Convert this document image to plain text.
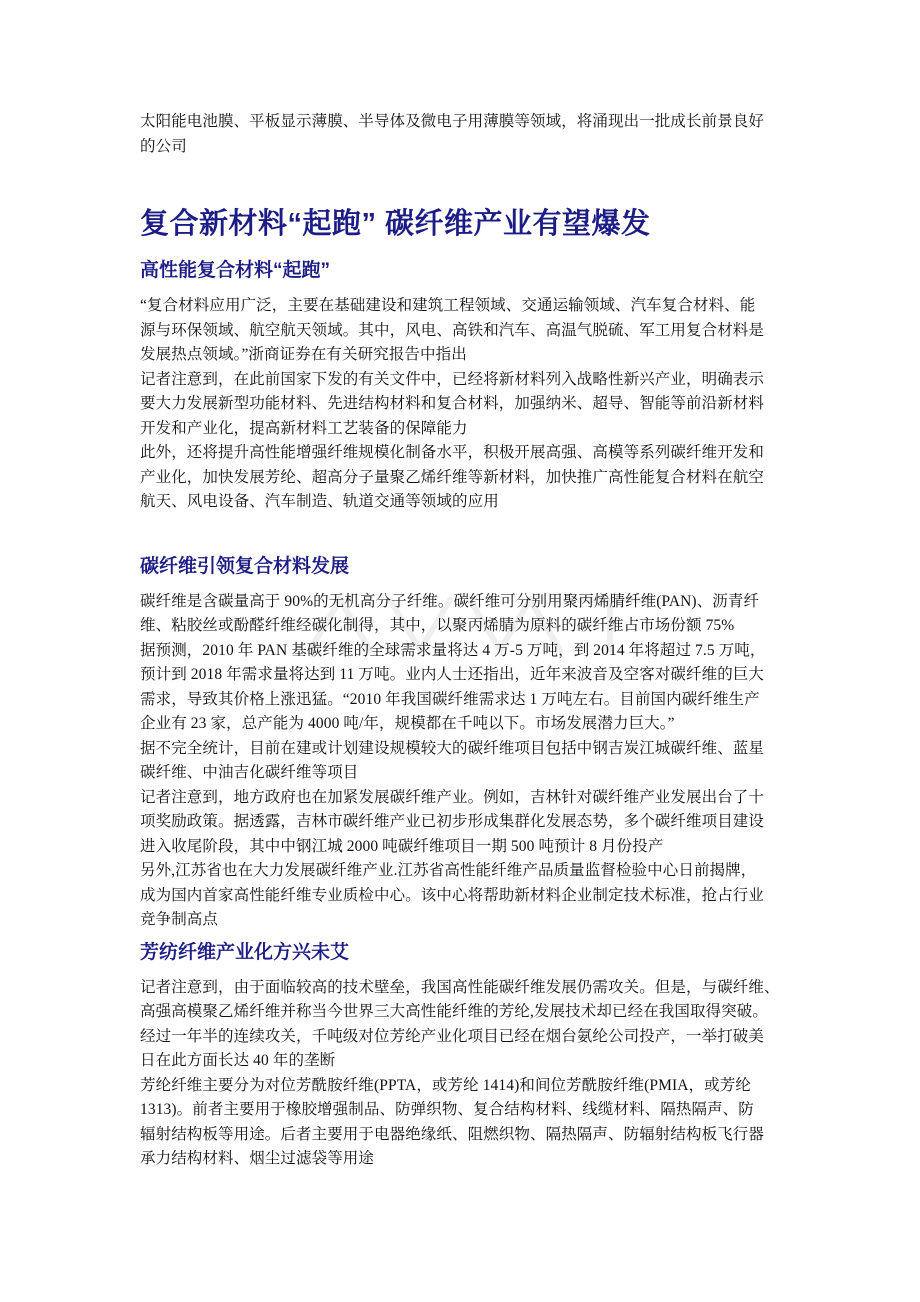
太阳能电池膜、平板显示薄膜、半导体及微电子用薄膜等领域，将涌现出一批成长前景良好
的公司
复合新材料“起跑” 碳纤维产业有望爆发
高性能复合材料“起跑”
“复合材料应用广泛，主要在基础建设和建筑工程领域、交通运输领域、汽车复合材料、能
源与环保领域、航空航天领域。其中，风电、高铁和汽车、高温气脱硫、军工用复合材料是
发展热点领域。”浙商证券在有关研究报告中指出
记者注意到，在此前国家下发的有关文件中，已经将新材料列入战略性新兴产业，明确表示
要大力发展新型功能材料、先进结构材料和复合材料，加强纳米、超导、智能等前沿新材料
开发和产业化，提高新材料工艺装备的保障能力
此外，还将提升高性能增强纤维规模化制备水平，积极开展高强、高模等系列碳纤维开发和
产业化，加快发展芳纶、超高分子量聚乙烯纤维等新材料，加快推广高性能复合材料在航空
航天、风电设备、汽车制造、轨道交通等领域的应用
碳纤维引领复合材料发展
碳纤维是含碳量高于 90%的无机高分子纤维。碳纤维可分别用聚丙烯腈纤维(PAN)、沥青纤
维、粘胶丝或酚醛纤维经碳化制得，其中，以聚丙烯腈为原料的碳纤维占市场份额 75%
据预测，2010 年 PAN 基碳纤维的全球需求量将达 4 万-5 万吨，到 2014 年将超过 7.5 万吨，
预计到 2018 年需求量将达到 11 万吨。业内人士还指出，近年来波音及空客对碳纤维的巨大
需求，导致其价格上涨迅猛。“2010 年我国碳纤维需求达 1 万吨左右。目前国内碳纤维生产
企业有 23 家，总产能为 4000 吨/年，规模都在千吨以下。市场发展潜力巨大。”
据不完全统计，目前在建或计划建设规模较大的碳纤维项目包括中钢吉炭江城碳纤维、蓝星
碳纤维、中油吉化碳纤维等项目
记者注意到，地方政府也在加紧发展碳纤维产业。例如，吉林针对碳纤维产业发展出台了十
项奖励政策。据透露，吉林市碳纤维产业已初步形成集群化发展态势，多个碳纤维项目建设
进入收尾阶段，其中中钢江城 2000 吨碳纤维项目一期 500 吨预计 8 月份投产
另外,江苏省也在大力发展碳纤维产业.江苏省高性能纤维产品质量监督检验中心日前揭牌，
成为国内首家高性能纤维专业质检中心。该中心将帮助新材料企业制定技术标准，抢占行业
竞争制高点
芳纺纤维产业化方兴未艾
记者注意到，由于面临较高的技术壁垒，我国高性能碳纤维发展仍需攻关。但是，与碳纤维、
高强高模聚乙烯纤维并称当今世界三大高性能纤维的芳纶,发展技术却已经在我国取得突破。
经过一年半的连续攻关，千吨级对位芳纶产业化项目已经在烟台氨纶公司投产，一举打破美
日在此方面长达 40 年的垄断
芳纶纤维主要分为对位芳酰胺纤维(PPTA，或芳纶 1414)和间位芳酰胺纤维(PMIA，或芳纶
1313)。前者主要用于橡胶增强制品、防弹织物、复合结构材料、线缆材料、隔热隔声、防
辐射结构板等用途。后者主要用于电器绝缘纸、阻燃织物、隔热隔声、防辐射结构板飞行器
承力结构材料、烟尘过滤袋等用途
